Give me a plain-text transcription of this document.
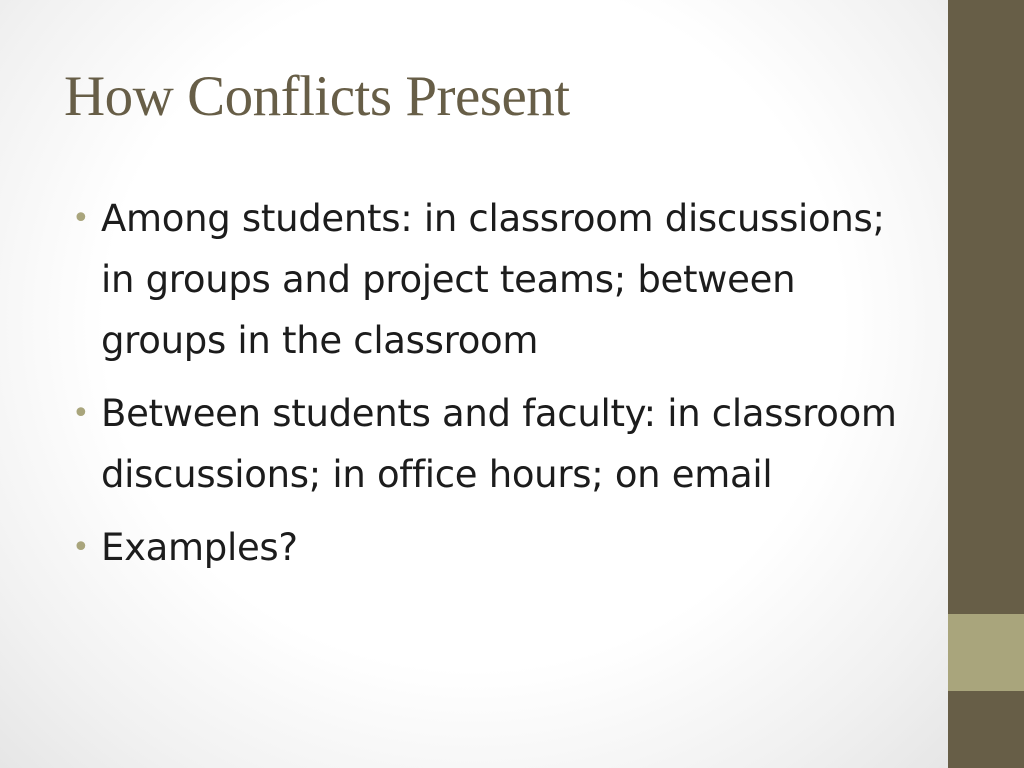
How Conflicts Present
• Among students: in classroom discussions; in groups and project teams; between groups in the classroom
• Between students and faculty: in classroom discussions; in office hours; on email
• Examples?
